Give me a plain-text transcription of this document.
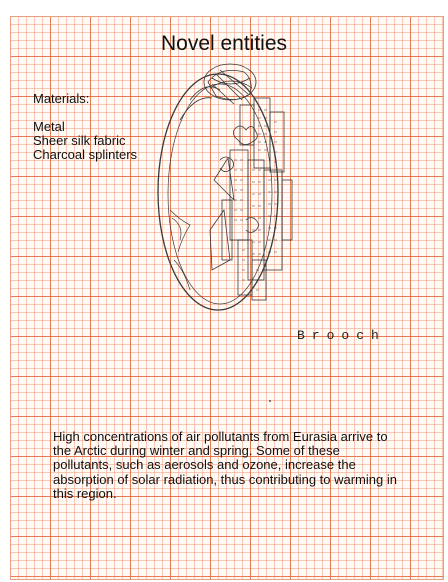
Novel entities
Materials:
Metal
Sheer silk fabric
Charcoal splinters
Brooch
High concentrations of air pollutants from Eurasia arrive to the Arctic during winter and spring. Some of these pollutants, such as aerosols and ozone, increase the absorption of solar radiation, thus contributing to warming in this region.
